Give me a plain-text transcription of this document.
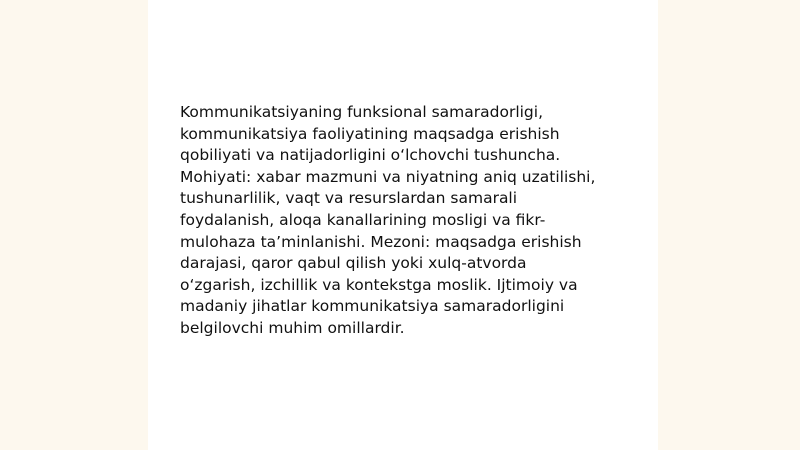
Kommunikatsiyaning funksional samaradorligi,
kommunikatsiya faoliyatining maqsadga erishish
qobiliyati va natijadorligini o‘lchovchi tushuncha.
Mohiyati: xabar mazmuni va niyatning aniq uzatilishi,
tushunarlilik, vaqt va resurslardan samarali
foydalanish, aloqa kanallarining mosligi va fikr-
mulohaza ta’minlanishi. Mezoni: maqsadga erishish
darajasi, qaror qabul qilish yoki xulq-atvorda
o‘zgarish, izchillik va kontekstga moslik. Ijtimoiy va
madaniy jihatlar kommunikatsiya samaradorligini
belgilovchi muhim omillardir.
